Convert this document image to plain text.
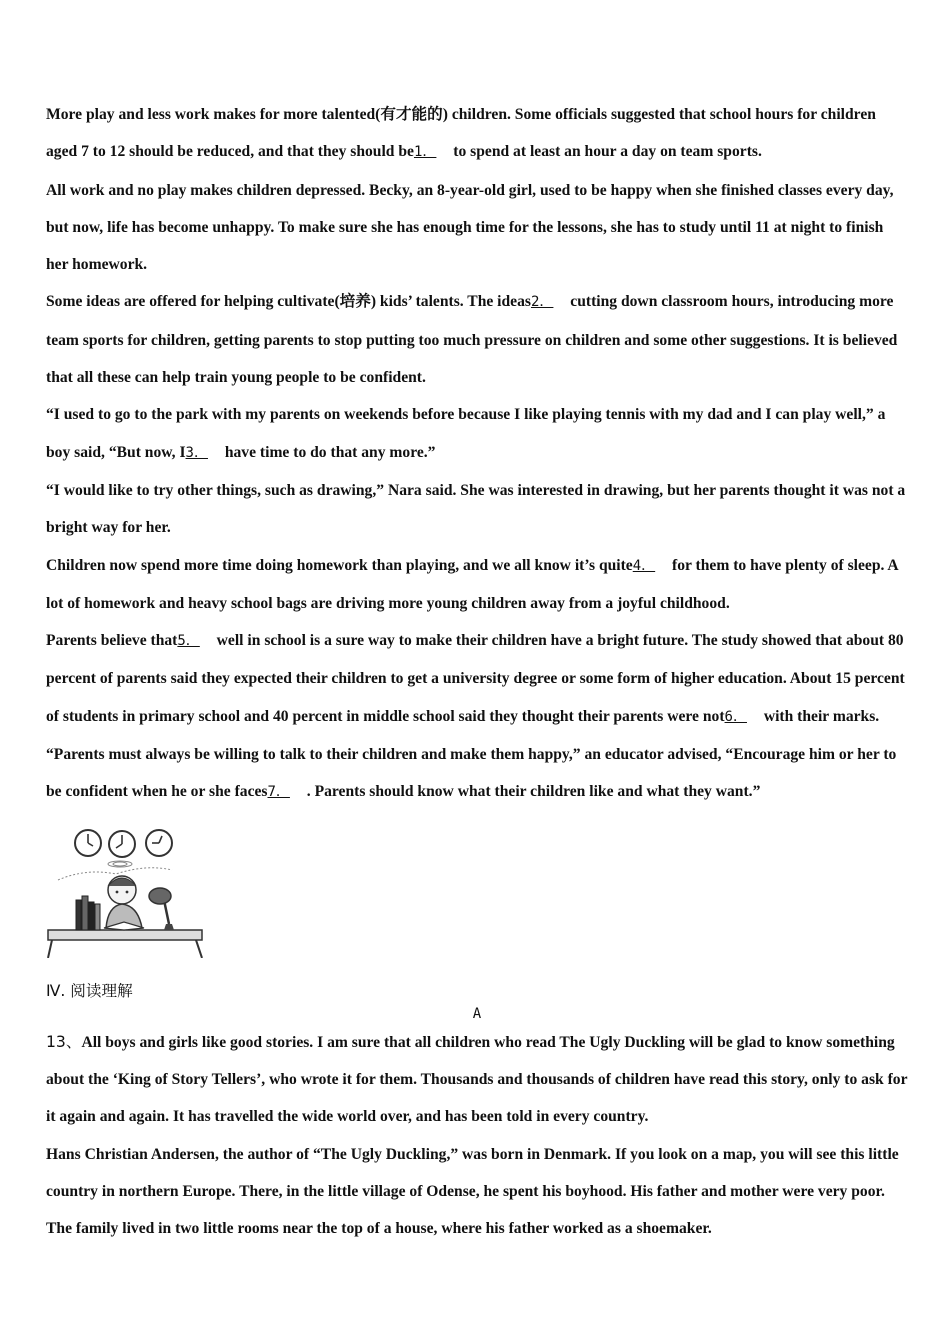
More play and less work makes for more talented(有才能的) children. Some officials suggested that school hours for children aged 7 to 12 should be reduced, and that they should be1． to spend at least an hour a day on team sports.

All work and no play makes children depressed. Becky, an 8-year-old girl, used to be happy when she finished classes every day, but now, life has become unhappy. To make sure she has enough time for the lessons, she has to study until 11 at night to finish her homework.

Some ideas are offered for helping cultivate(培养) kids’ talents. The ideas2． cutting down classroom hours, introducing more team sports for children, getting parents to stop putting too much pressure on children and some other suggestions. It is believed that all these can help train young people to be confident.

“I used to go to the park with my parents on weekends before because I like playing tennis with my dad and I can play well,” a boy said, “But now, I3． have time to do that any more.”

“I would like to try other things, such as drawing,” Nara said. She was interested in drawing, but her parents thought it was not a bright way for her.

Children now spend more time doing homework than playing, and we all know it’s quite4． for them to have plenty of sleep. A lot of homework and heavy school bags are driving more young children away from a joyful childhood.

Parents believe that5． well in school is a sure way to make their children have a bright future. The study showed that about 80 percent of parents said they expected their children to get a university degree or some form of higher education. About 15 percent of students in primary school and 40 percent in middle school said they thought their parents were not6． with their marks.

“Parents must always be willing to talk to their children and make them happy,” an educator advised, “Encourage him or her to be confident when he or she faces7． . Parents should know what their children like and what they want.”

Ⅳ. 阅读理解
A

13、All boys and girls like good stories. I am sure that all children who read The Ugly Duckling will be glad to know something about the ‘King of Story Tellers’, who wrote it for them. Thousands and thousands of children have read this story, only to ask for it again and again. It has travelled the wide world over, and has been told in every country.

Hans Christian Andersen, the author of “The Ugly Duckling,” was born in Denmark. If you look on a map, you will see this little country in northern Europe. There, in the little village of Odense, he spent his boyhood. His father and mother were very poor. The family lived in two little rooms near the top of a house, where his father worked as a shoemaker.
